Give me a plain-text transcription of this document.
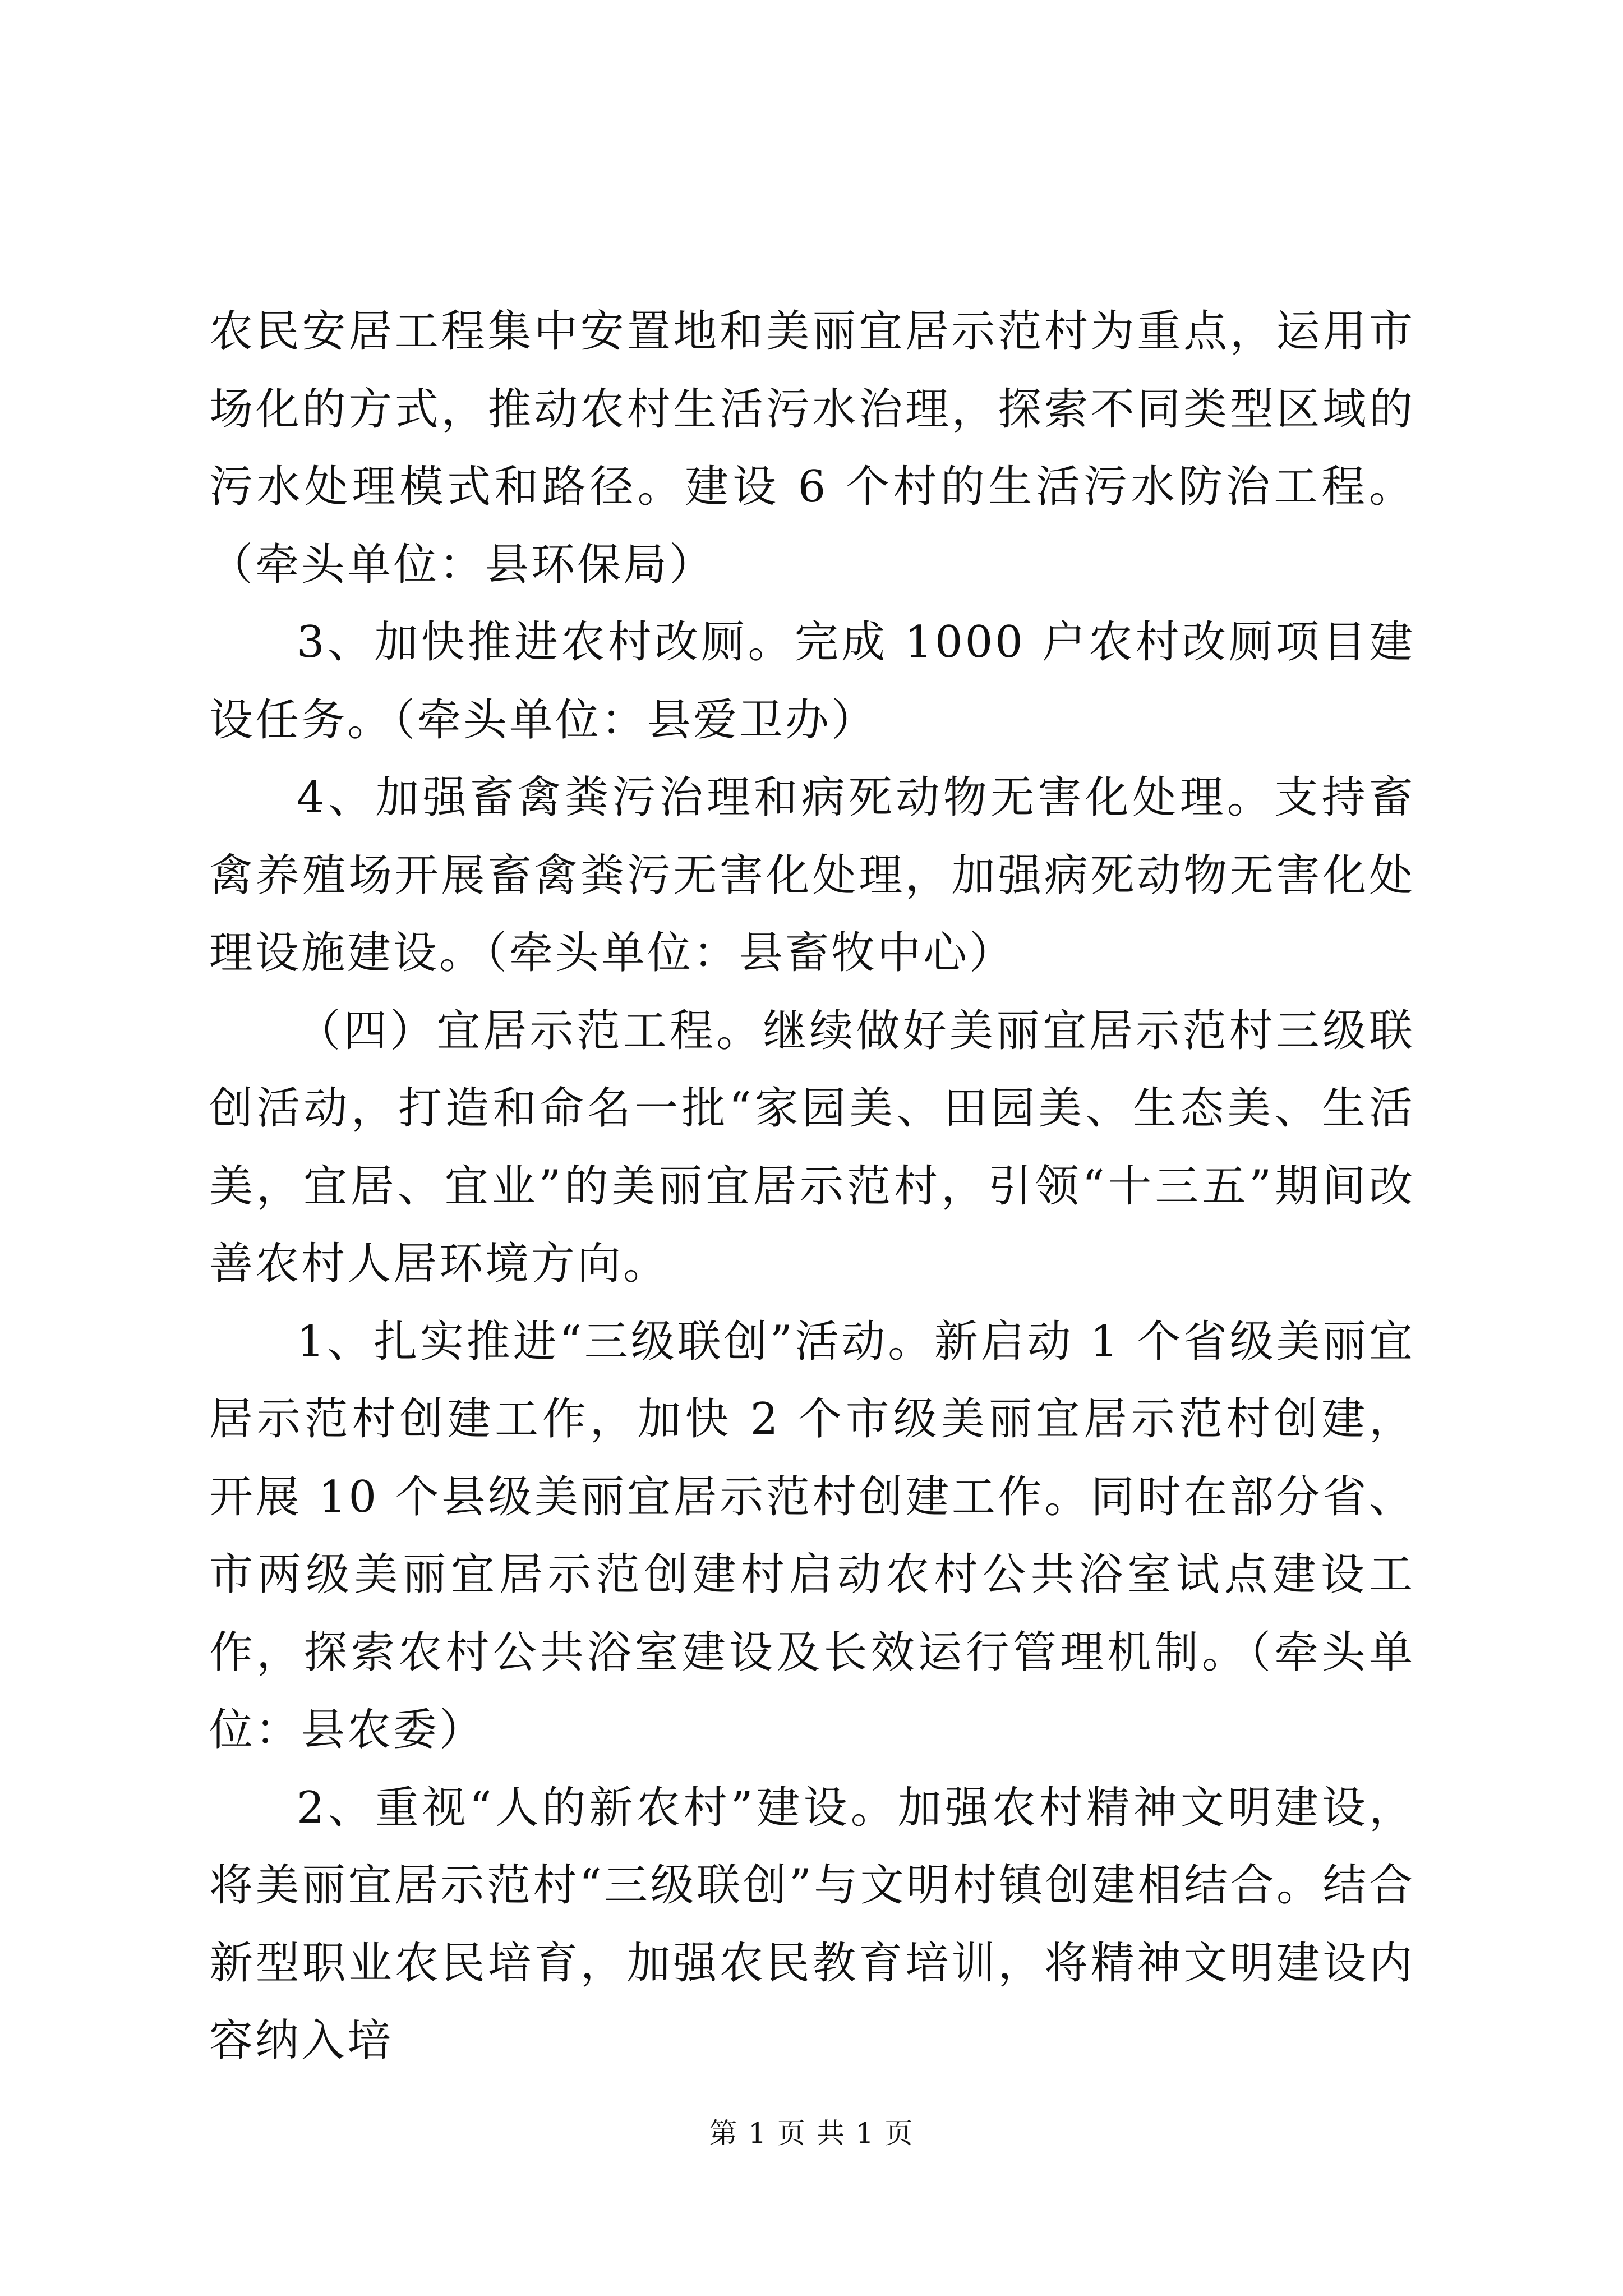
农民安居工程集中安置地和美丽宜居示范村为重点，运用市场化的方式，推动农村生活污水治理，探索不同类型区域的污水处理模式和路径。建设 6 个村的生活污水防治工程。（牵头单位：县环保局）

3、加快推进农村改厕。完成 1000 户农村改厕项目建设任务。（牵头单位：县爱卫办）

4、加强畜禽粪污治理和病死动物无害化处理。支持畜禽养殖场开展畜禽粪污无害化处理，加强病死动物无害化处理设施建设。（牵头单位：县畜牧中心）

（四）宜居示范工程。继续做好美丽宜居示范村三级联创活动，打造和命名一批“家园美、田园美、生态美、生活美，宜居、宜业”的美丽宜居示范村，引领“十三五”期间改善农村人居环境方向。

1、扎实推进“三级联创”活动。新启动 1 个省级美丽宜居示范村创建工作，加快 2 个市级美丽宜居示范村创建，开展 10 个县级美丽宜居示范村创建工作。同时在部分省、市两级美丽宜居示范创建村启动农村公共浴室试点建设工作，探索农村公共浴室建设及长效运行管理机制。（牵头单位：县农委）

2、重视“人的新农村”建设。加强农村精神文明建设，将美丽宜居示范村“三级联创”与文明村镇创建相结合。结合新型职业农民培育，加强农民教育培训，将精神文明建设内容纳入培

第 1 页 共 1 页
